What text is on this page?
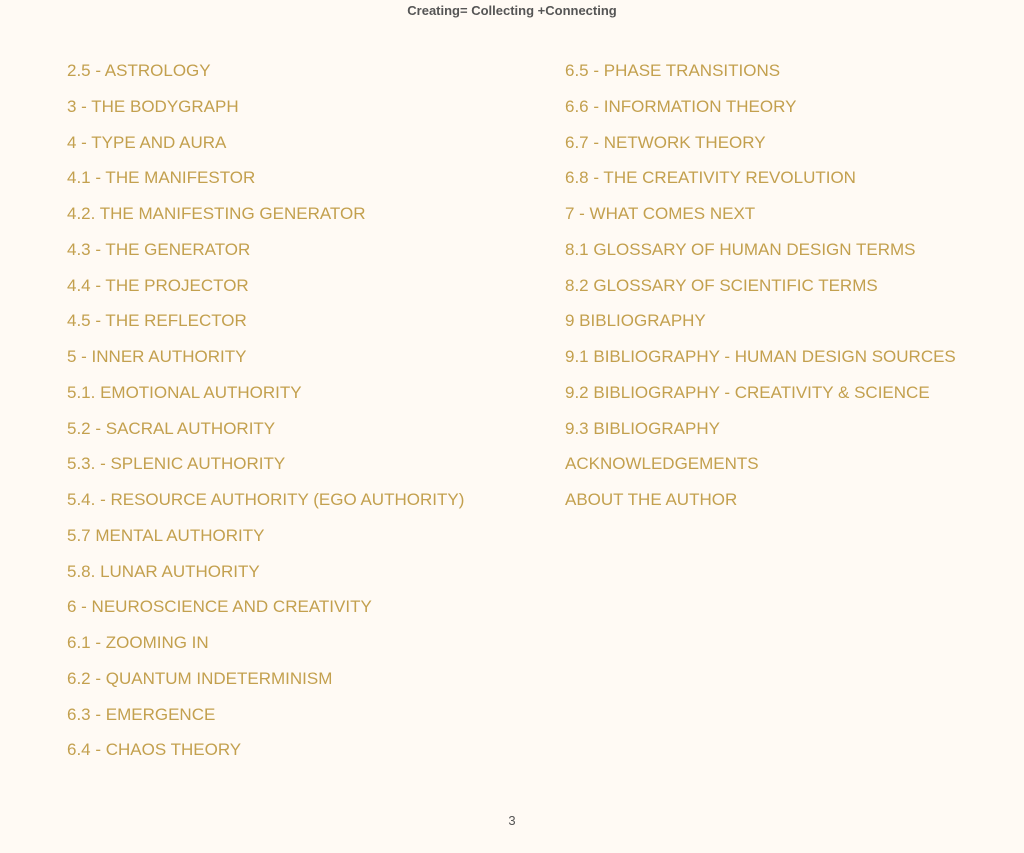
Creating= Collecting +Connecting
2.5 - ASTROLOGY
3 - THE BODYGRAPH
4 - TYPE AND AURA
4.1 - THE MANIFESTOR
4.2. THE MANIFESTING GENERATOR
4.3 - THE GENERATOR
4.4 - THE PROJECTOR
4.5 - THE REFLECTOR
5 - INNER AUTHORITY
5.1. EMOTIONAL AUTHORITY
5.2 - SACRAL AUTHORITY
5.3. - SPLENIC AUTHORITY
5.4. - RESOURCE AUTHORITY (EGO AUTHORITY)
5.7 MENTAL AUTHORITY
5.8. LUNAR AUTHORITY
6 - NEUROSCIENCE AND CREATIVITY
6.1 - ZOOMING IN
6.2 - QUANTUM INDETERMINISM
6.3 - EMERGENCE
6.4 - CHAOS THEORY
6.5 - PHASE TRANSITIONS
6.6 - INFORMATION THEORY
6.7 - NETWORK THEORY
6.8 - THE CREATIVITY REVOLUTION
7 - WHAT COMES NEXT
8.1 GLOSSARY OF HUMAN DESIGN TERMS
8.2 GLOSSARY OF SCIENTIFIC TERMS
9 BIBLIOGRAPHY
9.1 BIBLIOGRAPHY - HUMAN DESIGN SOURCES
9.2 BIBLIOGRAPHY - CREATIVITY & SCIENCE
9.3 BIBLIOGRAPHY
ACKNOWLEDGEMENTS
ABOUT THE AUTHOR
3
